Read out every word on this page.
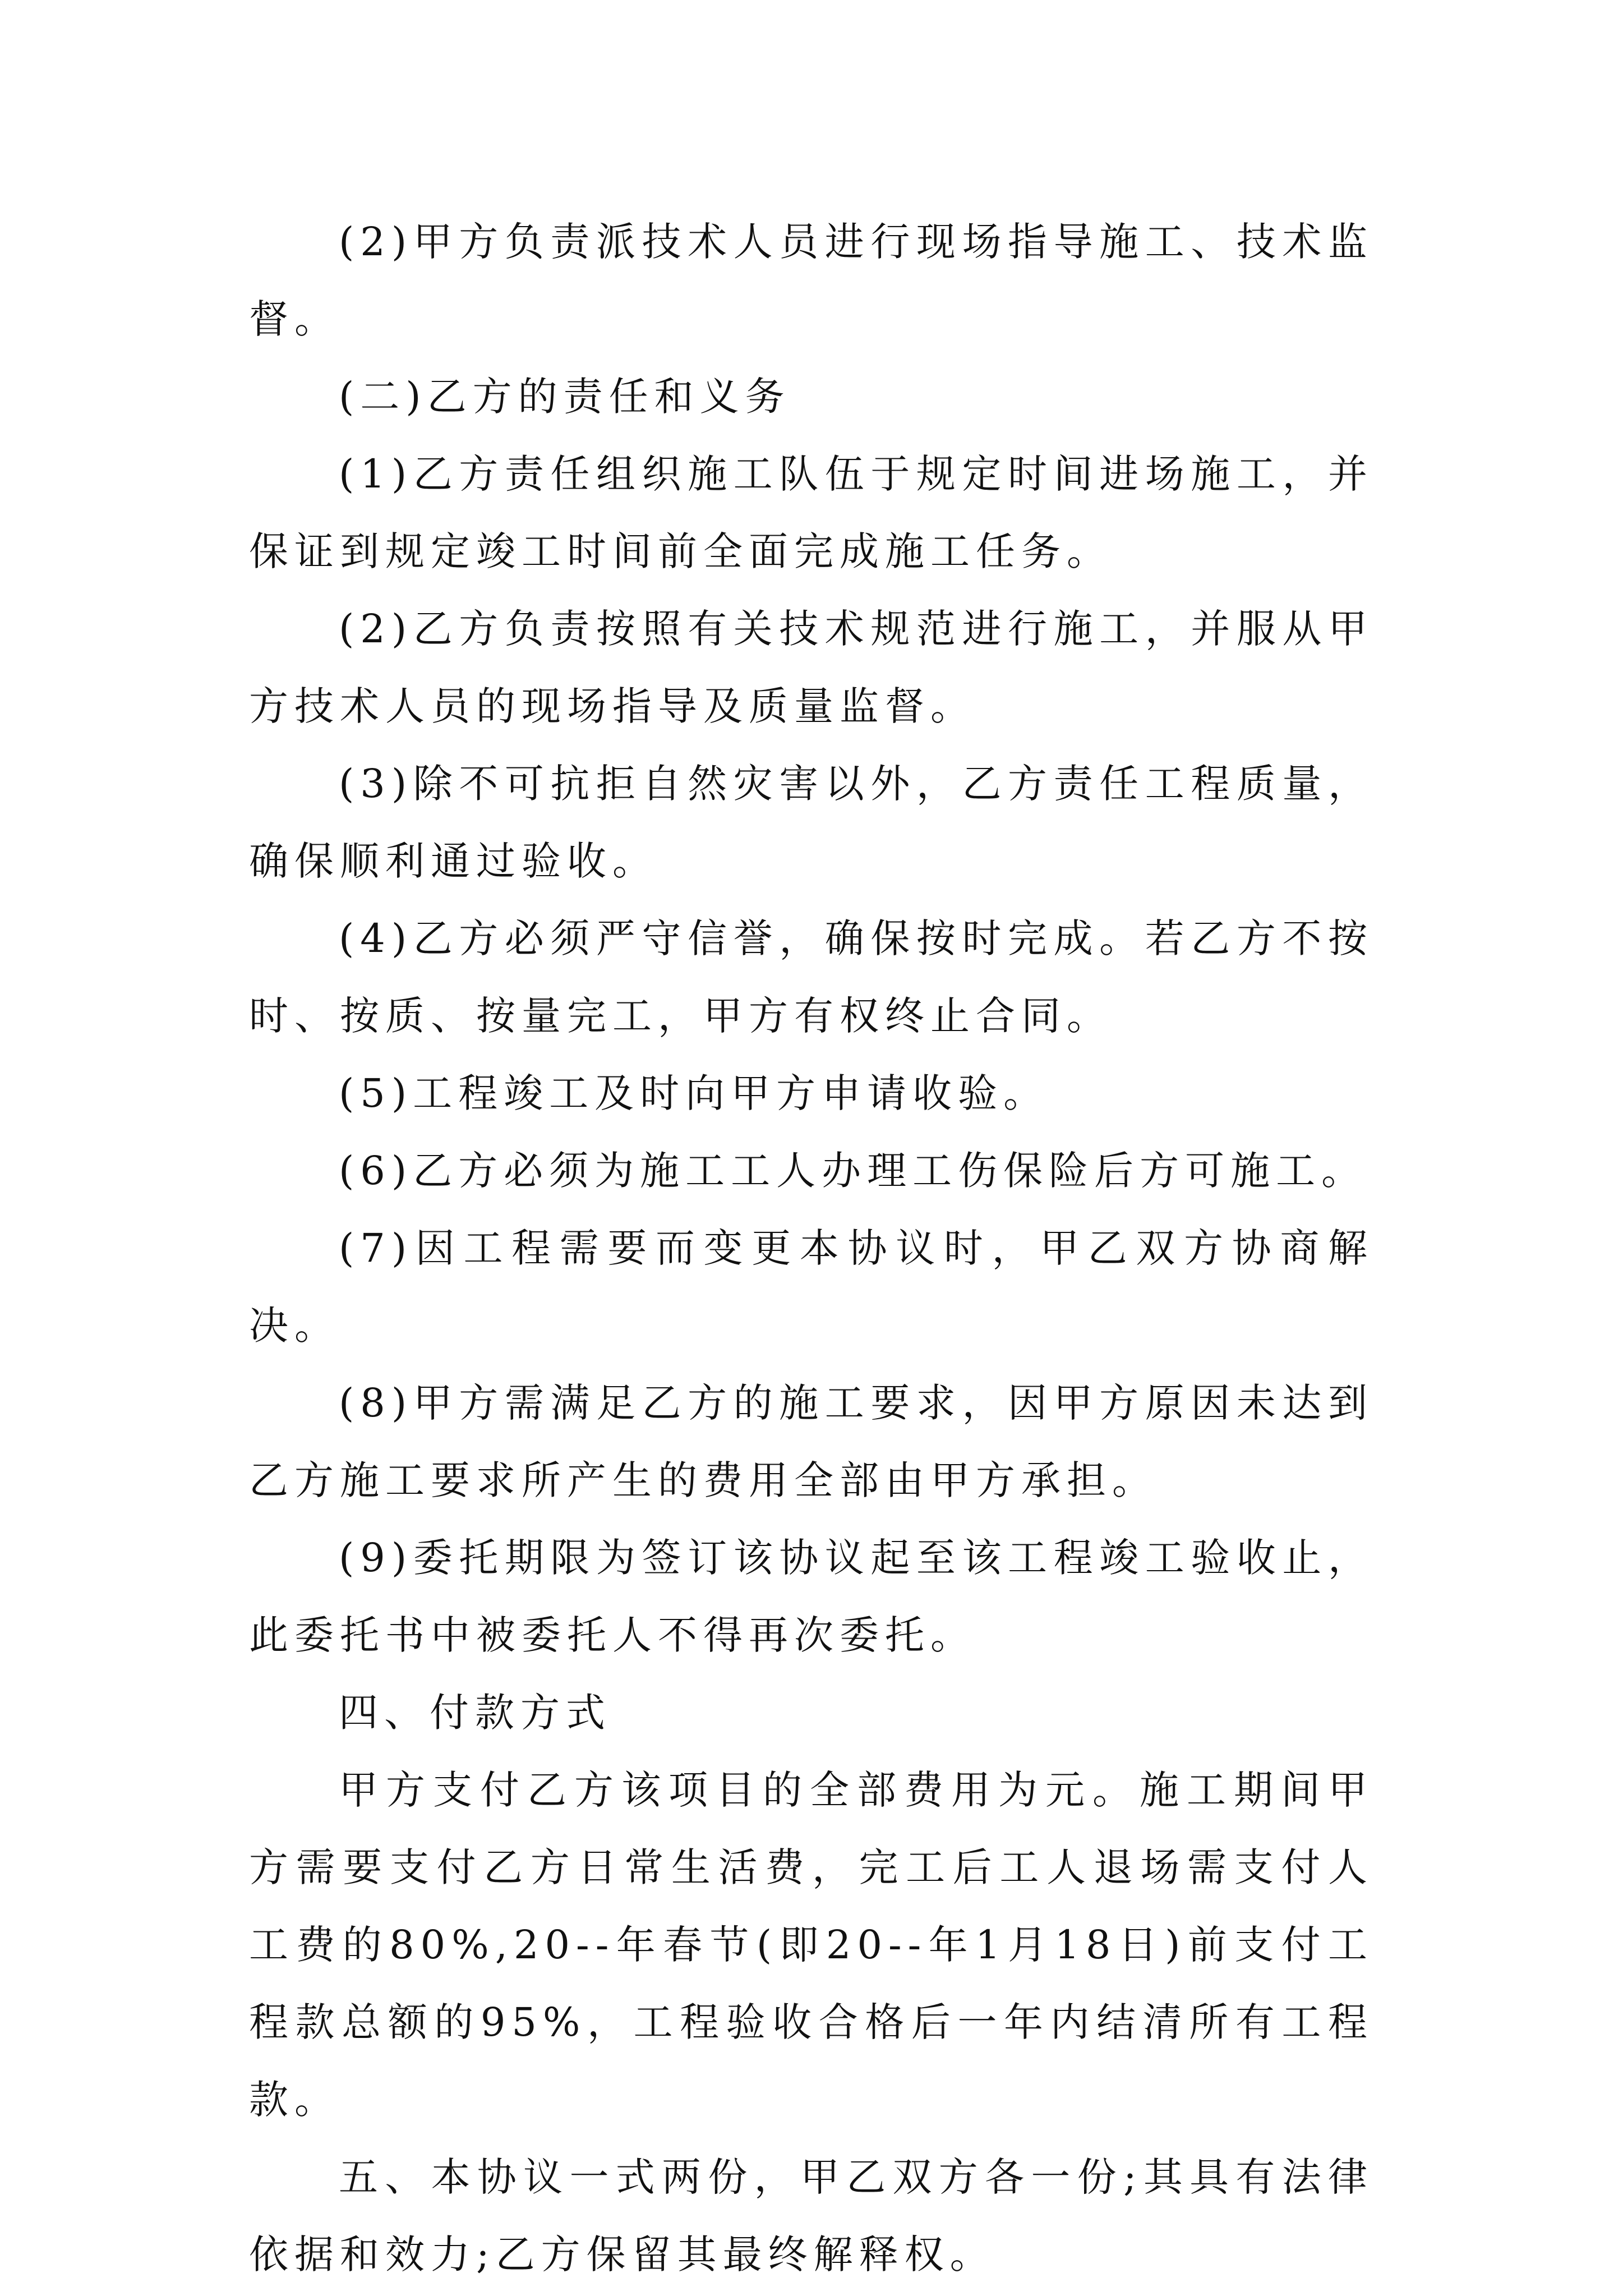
(2)甲方负责派技术人员进行现场指导施工、技术监督。

(二)乙方的责任和义务

(1)乙方责任组织施工队伍于规定时间进场施工，并保证到规定竣工时间前全面完成施工任务。

(2)乙方负责按照有关技术规范进行施工，并服从甲方技术人员的现场指导及质量监督。

(3)除不可抗拒自然灾害以外，乙方责任工程质量，确保顺利通过验收。

(4)乙方必须严守信誉，确保按时完成。若乙方不按时、按质、按量完工，甲方有权终止合同。

(5)工程竣工及时向甲方申请收验。

(6)乙方必须为施工工人办理工伤保险后方可施工。

(7)因工程需要而变更本协议时，甲乙双方协商解决。

(8)甲方需满足乙方的施工要求，因甲方原因未达到乙方施工要求所产生的费用全部由甲方承担。

(9)委托期限为签订该协议起至该工程竣工验收止，此委托书中被委托人不得再次委托。

四、付款方式

甲方支付乙方该项目的全部费用为元。施工期间甲方需要支付乙方日常生活费，完工后工人退场需支付人工费的80%,20--年春节(即20--年1月18日)前支付工程款总额的95%，工程验收合格后一年内结清所有工程款。

五、本协议一式两份，甲乙双方各一份;其具有法律依据和效力;乙方保留其最终解释权。
